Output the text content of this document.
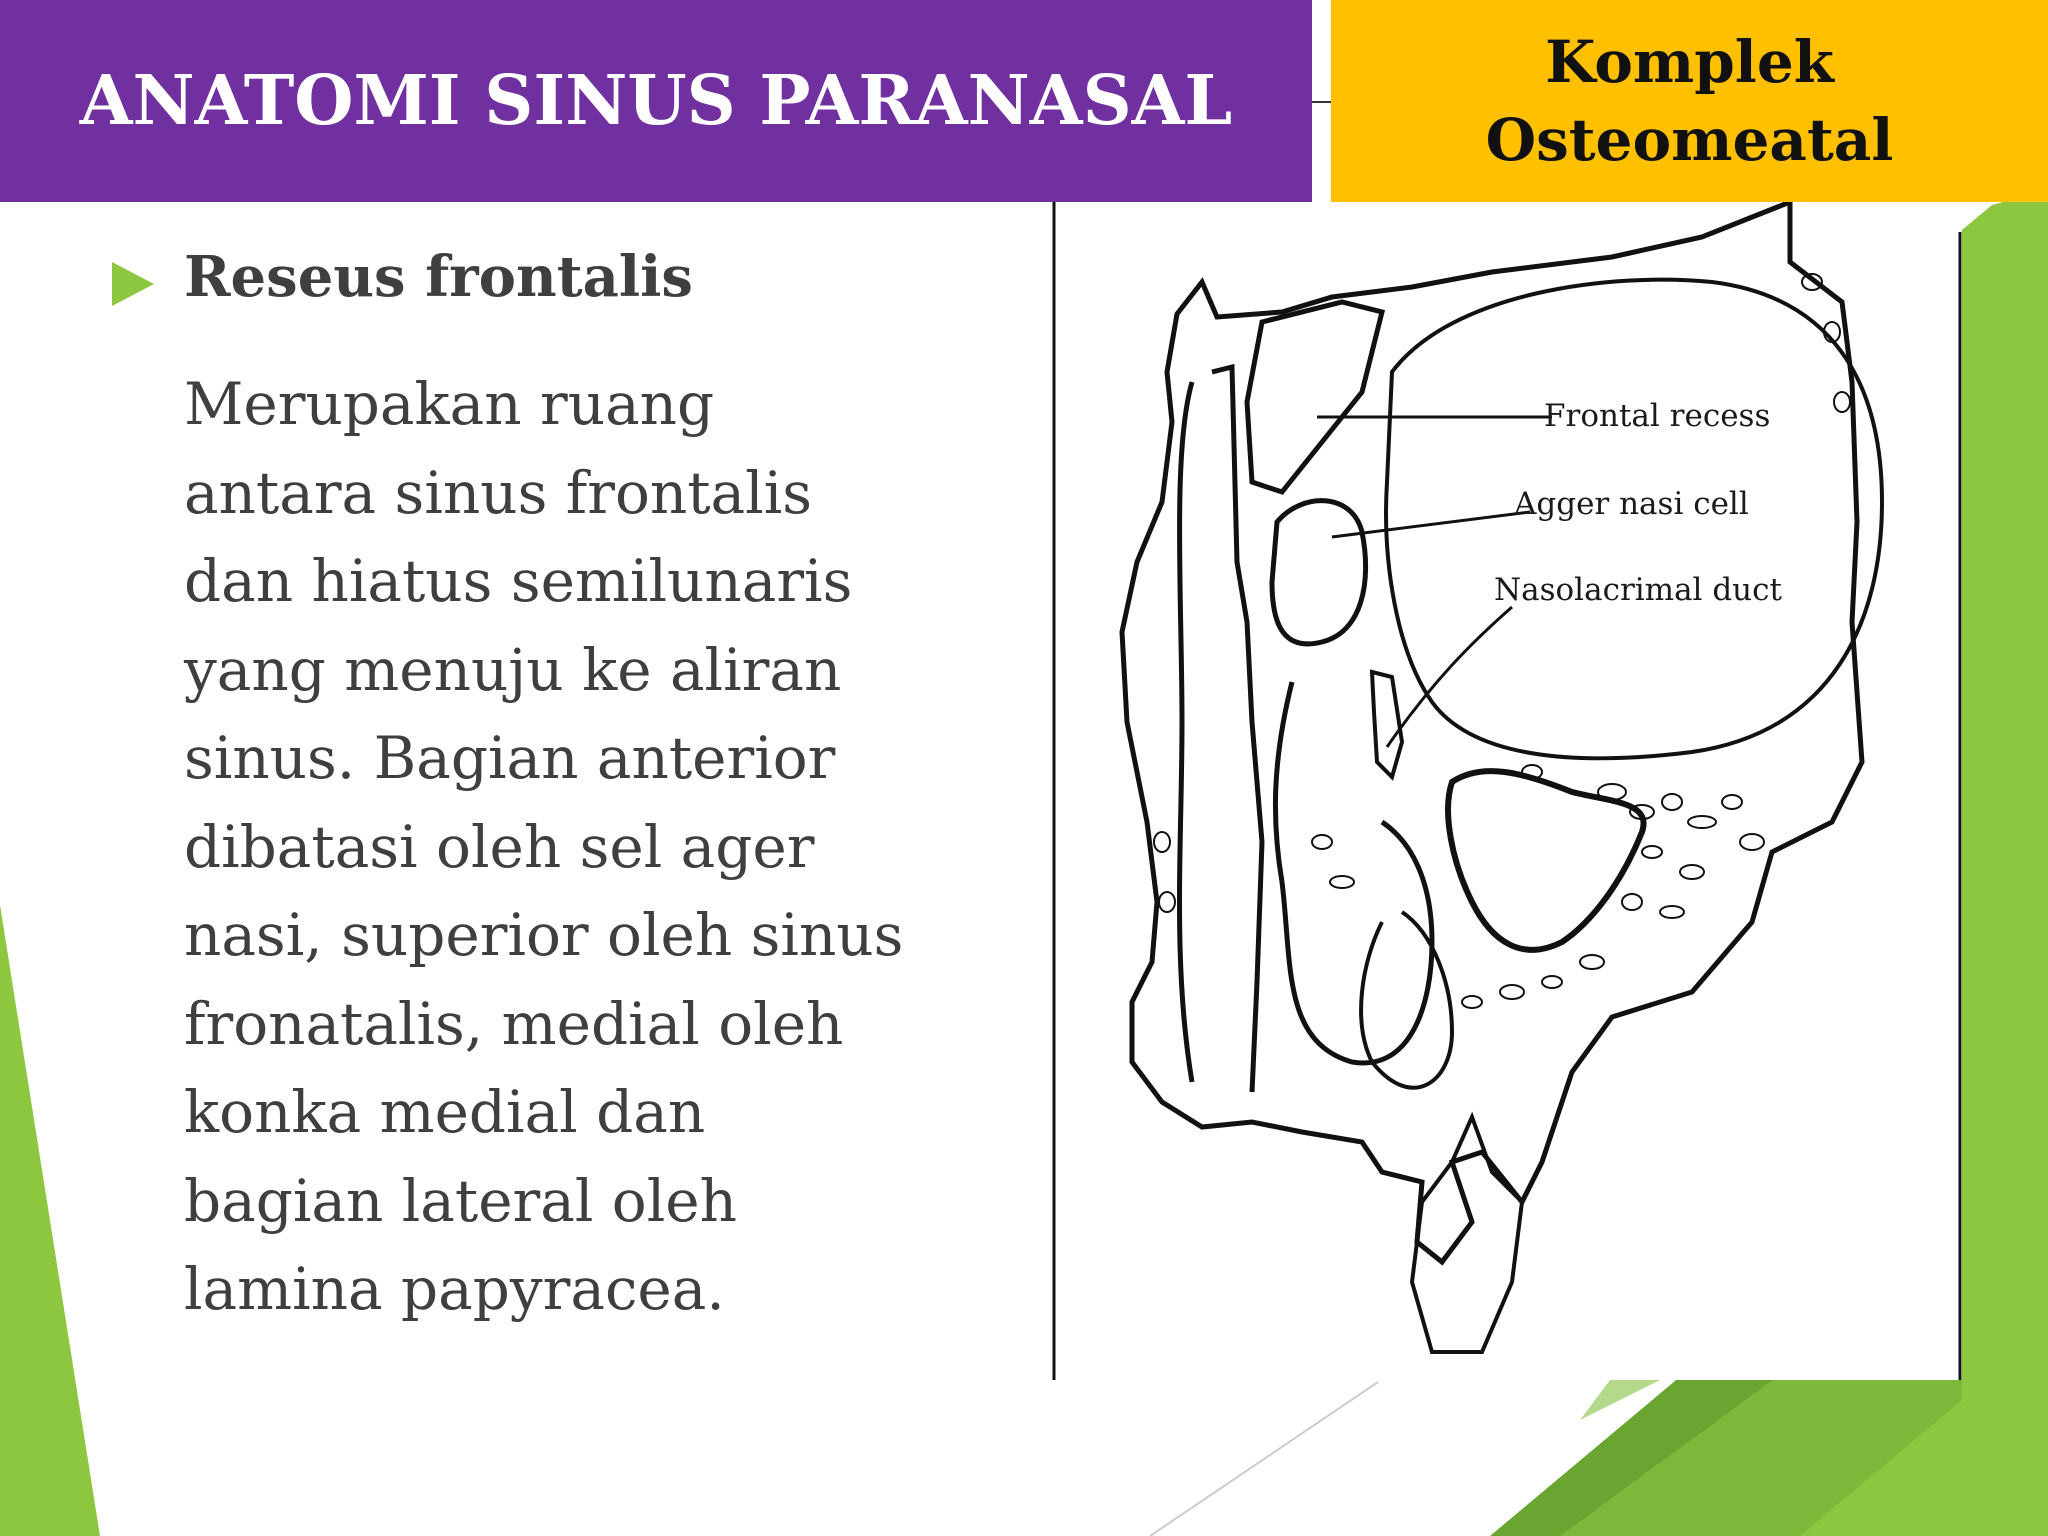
ANATOMI SINUS PARANASAL	Komplek Osteomeatal
Reseus frontalis
Merupakan ruang
antara sinus frontalis
dan hiatus semilunaris
yang menuju ke aliran
sinus. Bagian anterior
dibatasi oleh sel ager
nasi, superior oleh sinus
fronatalis, medial oleh
konka medial dan
bagian lateral oleh
lamina papyracea.
Frontal recess
Agger nasi cell
Nasolacrimal duct
